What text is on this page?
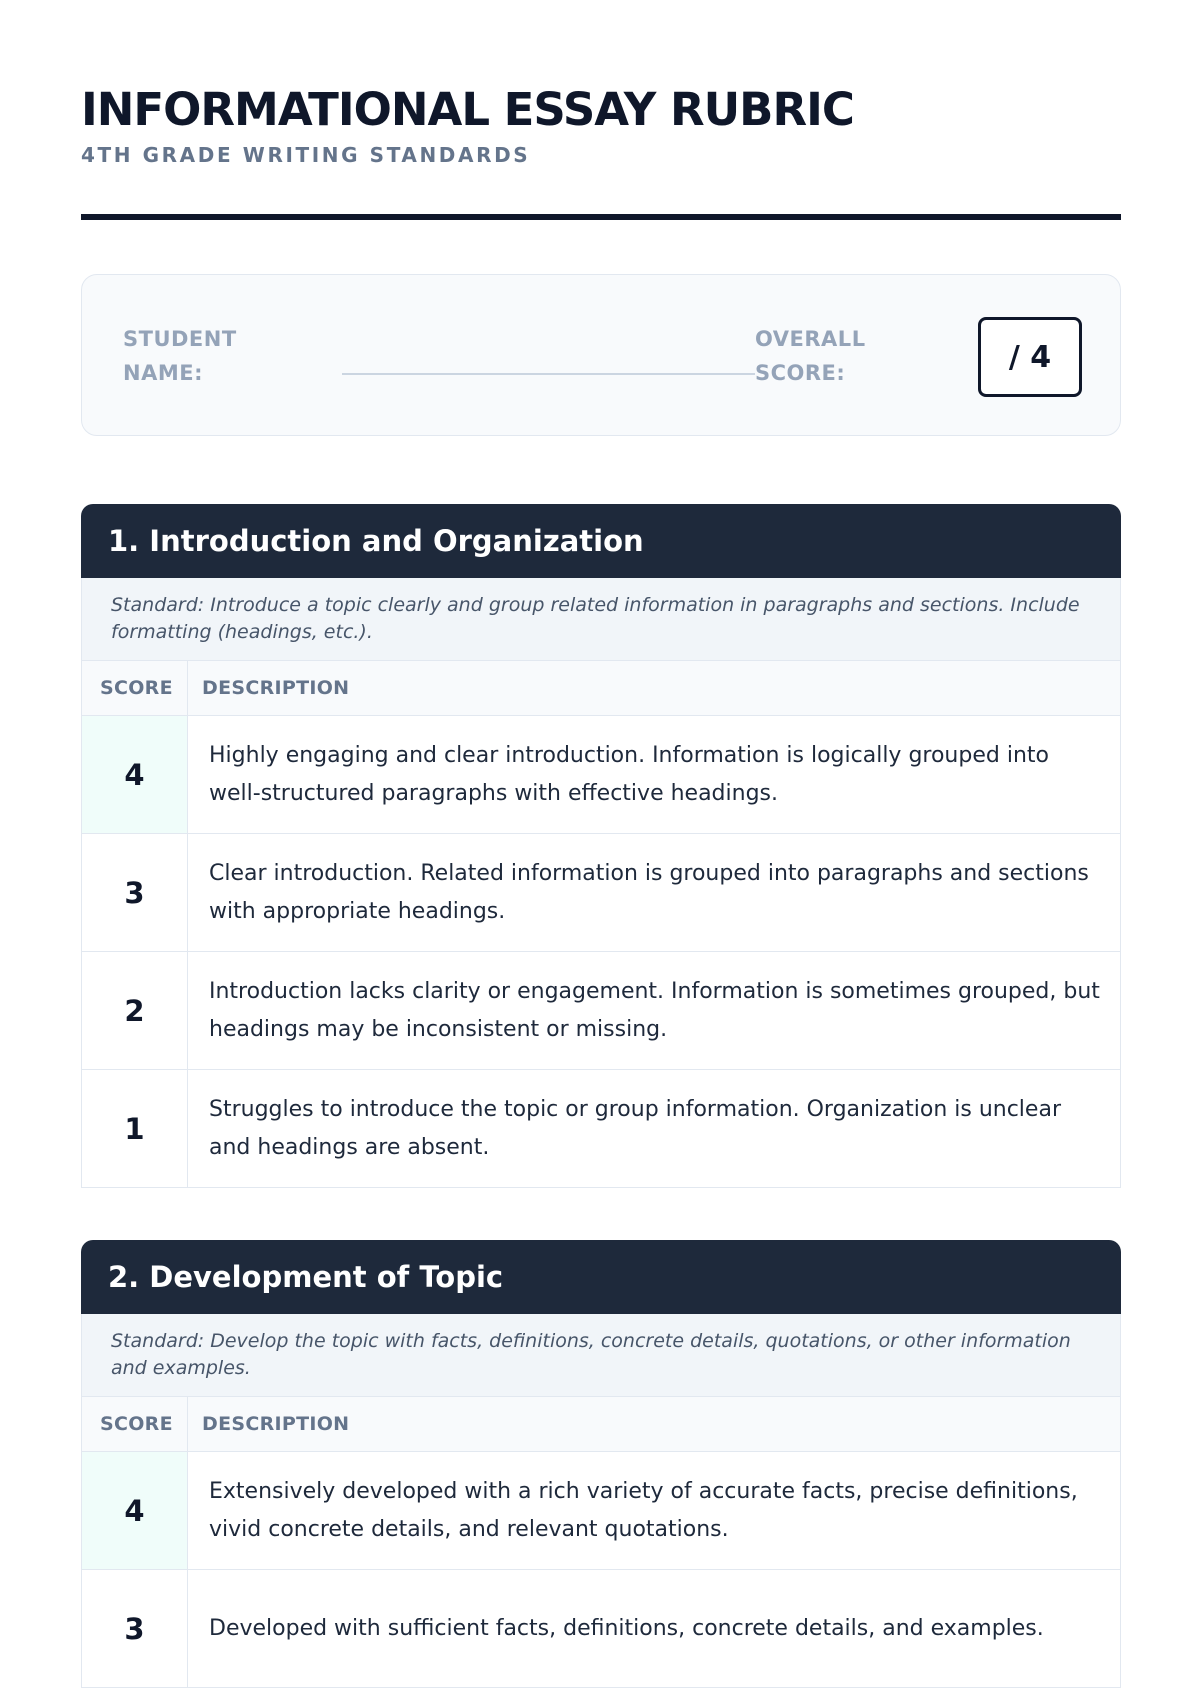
INFORMATIONAL ESSAY RUBRIC
4TH GRADE WRITING STANDARDS
STUDENT NAME:
OVERALL SCORE:	/ 4
1. Introduction and Organization
Standard: Introduce a topic clearly and group related information in paragraphs and sections. Include formatting (headings, etc.).
SCORE	DESCRIPTION
4	Highly engaging and clear introduction. Information is logically grouped into well-structured paragraphs with effective headings.
3	Clear introduction. Related information is grouped into paragraphs and sections with appropriate headings.
2	Introduction lacks clarity or engagement. Information is sometimes grouped, but headings may be inconsistent or missing.
1	Struggles to introduce the topic or group information. Organization is unclear and headings are absent.
2. Development of Topic
Standard: Develop the topic with facts, definitions, concrete details, quotations, or other information and examples.
SCORE	DESCRIPTION
4	Extensively developed with a rich variety of accurate facts, precise definitions, vivid concrete details, and relevant quotations.
3	Developed with sufficient facts, definitions, concrete details, and examples.
